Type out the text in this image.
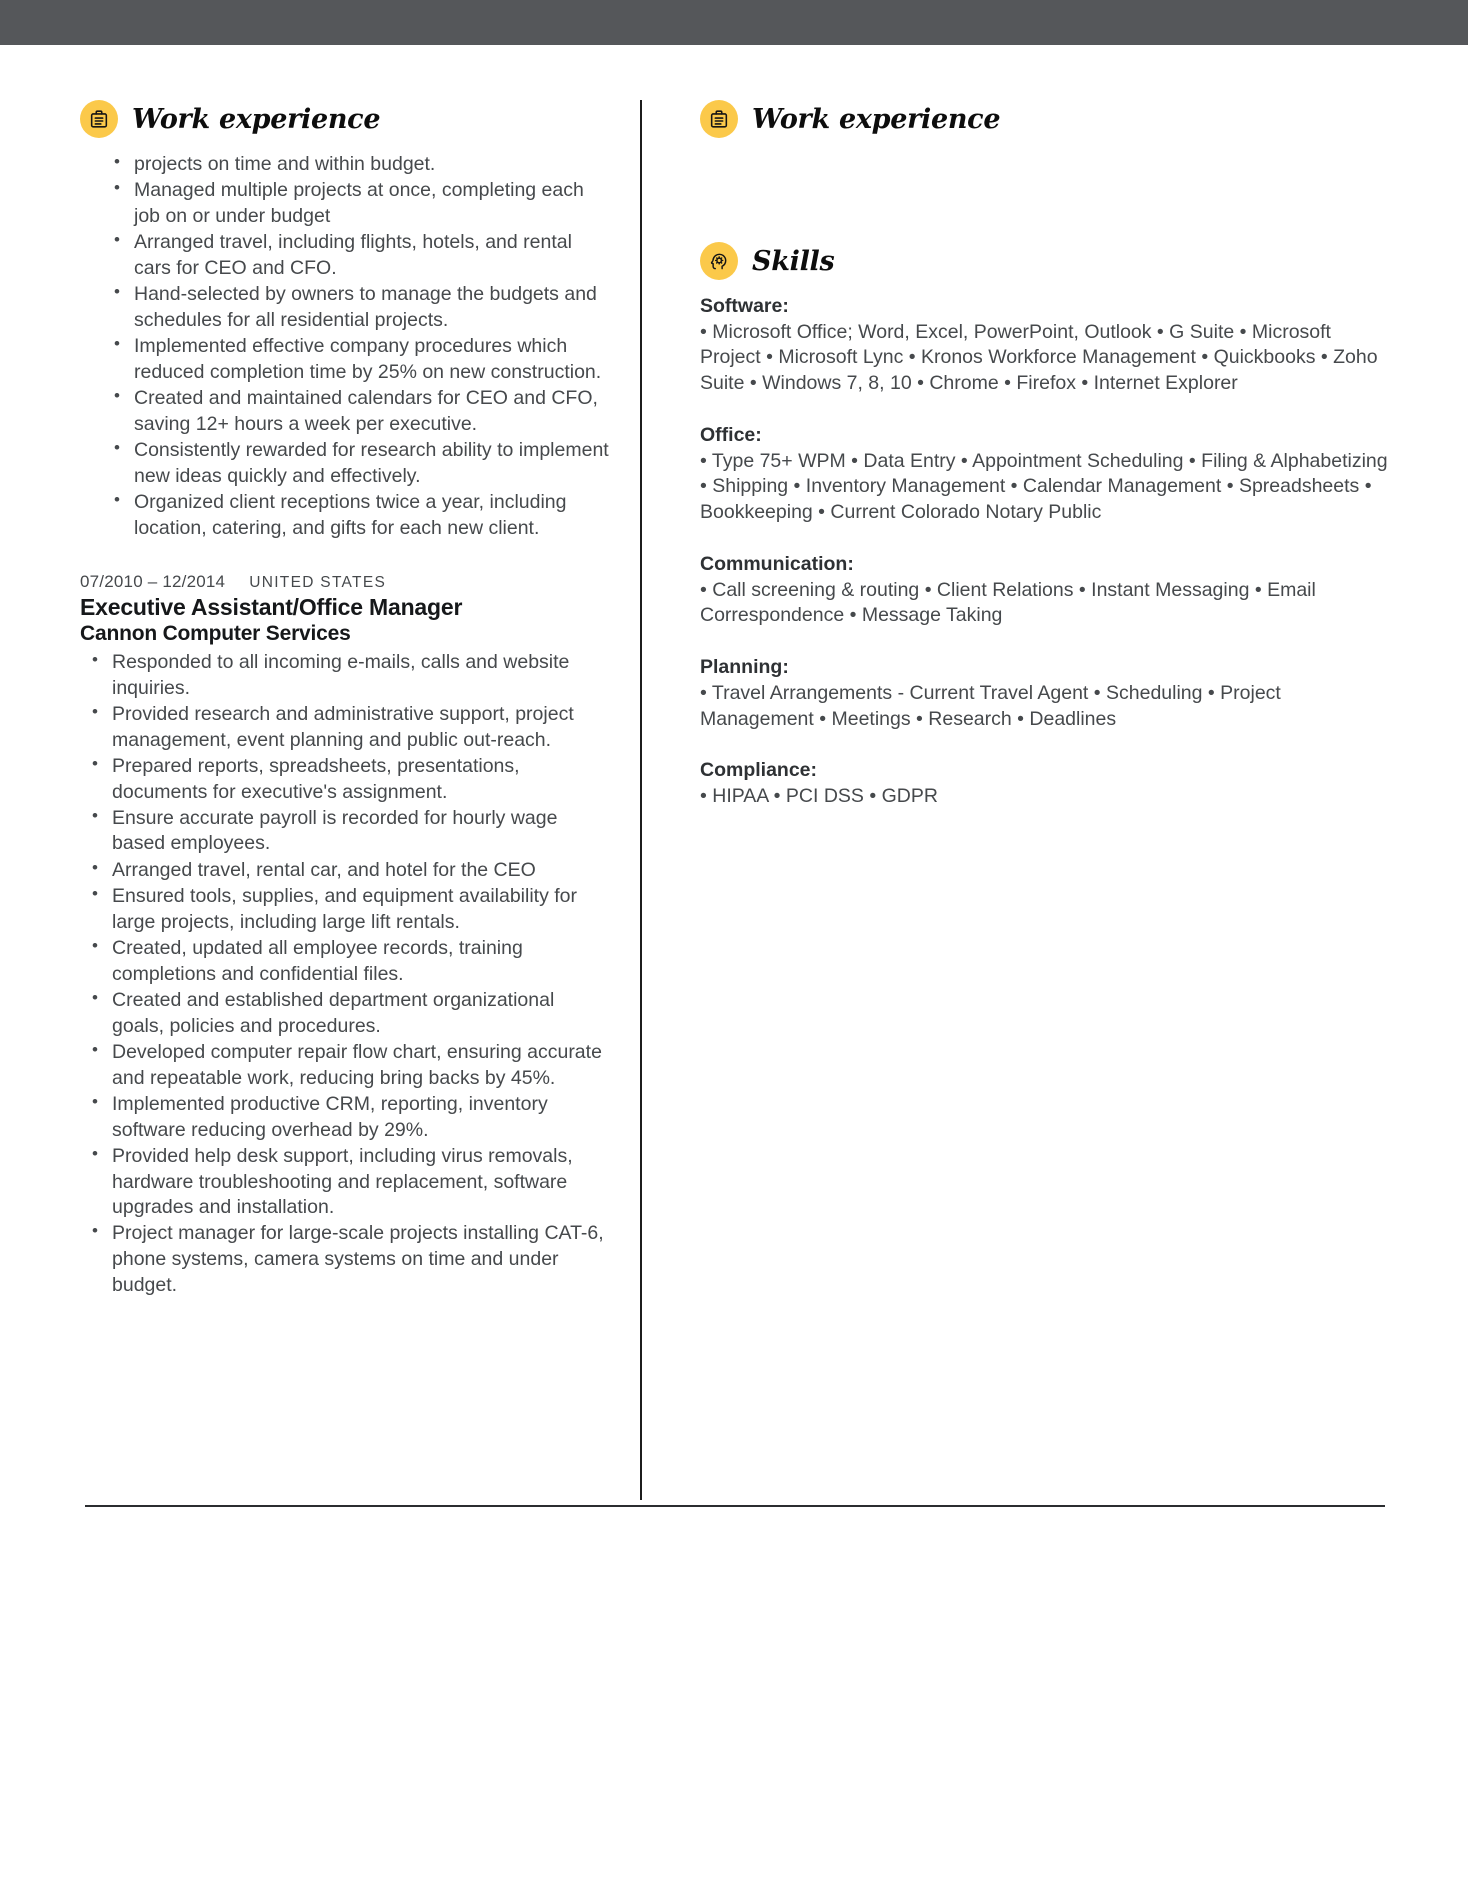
Work experience
• projects on time and within budget.
• Managed multiple projects at once, completing each job on or under budget
• Arranged travel, including flights, hotels, and rental cars for CEO and CFO.
• Hand-selected by owners to manage the budgets and schedules for all residential projects.
• Implemented effective company procedures which reduced completion time by 25% on new construction.
• Created and maintained calendars for CEO and CFO, saving 12+ hours a week per executive.
• Consistently rewarded for research ability to implement new ideas quickly and effectively.
• Organized client receptions twice a year, including location, catering, and gifts for each new client.
07/2010 – 12/2014 UNITED STATES
Executive Assistant/Office Manager
Cannon Computer Services
• Responded to all incoming e-mails, calls and website inquiries.
• Provided research and administrative support, project management, event planning and public out-reach.
• Prepared reports, spreadsheets, presentations, documents for executive's assignment.
• Ensure accurate payroll is recorded for hourly wage based employees.
• Arranged travel, rental car, and hotel for the CEO
• Ensured tools, supplies, and equipment availability for large projects, including large lift rentals.
• Created, updated all employee records, training completions and confidential files.
• Created and established department organizational goals, policies and procedures.
• Developed computer repair flow chart, ensuring accurate and repeatable work, reducing bring backs by 45%.
• Implemented productive CRM, reporting, inventory software reducing overhead by 29%.
• Provided help desk support, including virus removals, hardware troubleshooting and replacement, software upgrades and installation.
• Project manager for large-scale projects installing CAT-6, phone systems, camera systems on time and under budget.
Work experience
Skills
Software:
• Microsoft Office; Word, Excel, PowerPoint, Outlook • G Suite • Microsoft Project • Microsoft Lync • Kronos Workforce Management • Quickbooks • Zoho Suite • Windows 7, 8, 10 • Chrome • Firefox • Internet Explorer
Office:
• Type 75+ WPM • Data Entry • Appointment Scheduling • Filing & Alphabetizing • Shipping • Inventory Management • Calendar Management • Spreadsheets • Bookkeeping • Current Colorado Notary Public
Communication:
• Call screening & routing • Client Relations • Instant Messaging • Email Correspondence • Message Taking
Planning:
• Travel Arrangements - Current Travel Agent • Scheduling • Project Management • Meetings • Research • Deadlines
Compliance:
• HIPAA • PCI DSS • GDPR
